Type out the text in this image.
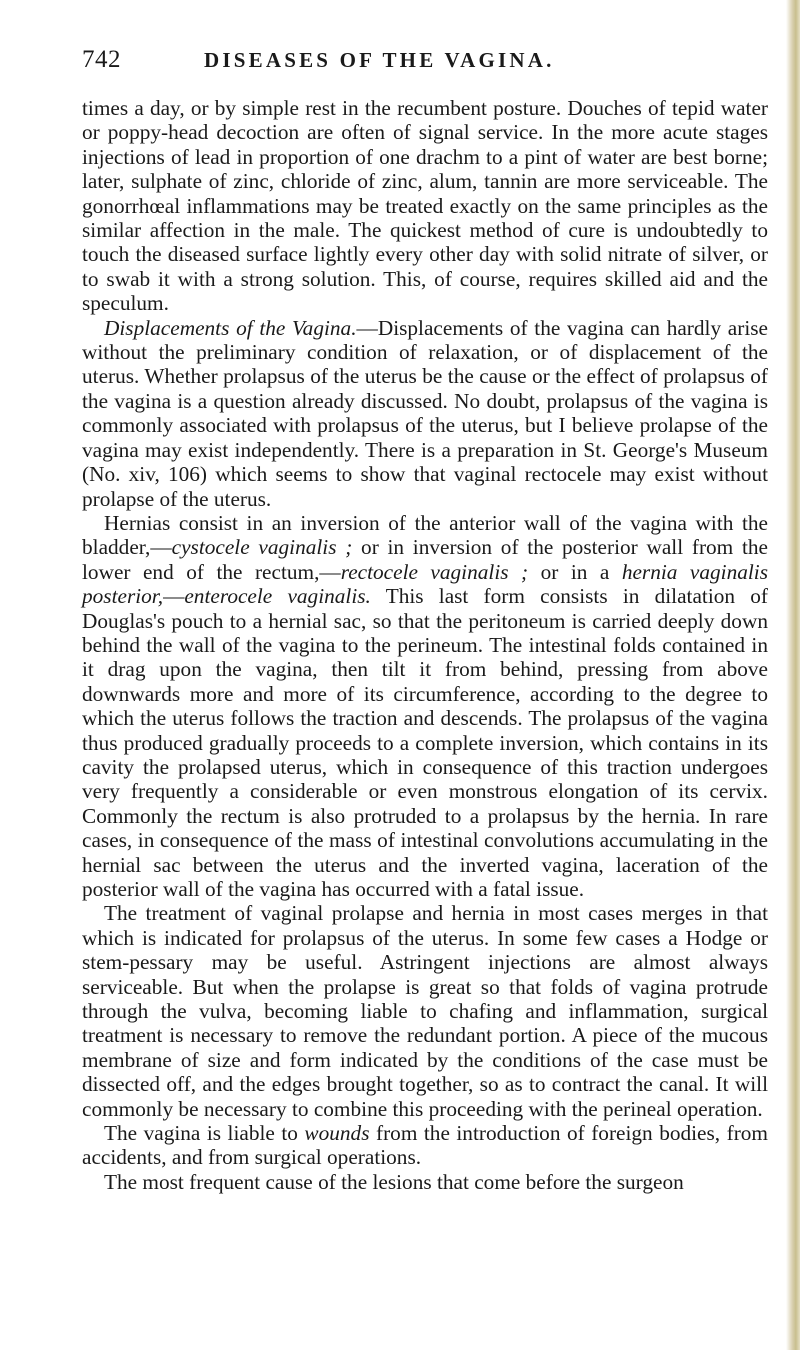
742	DISEASES OF THE VAGINA.

times a day, or by simple rest in the recumbent posture. Douches of tepid water or poppy-head decoction are often of signal service. In the more acute stages injections of lead in proportion of one drachm to a pint of water are best borne; later, sulphate of zinc, chloride of zinc, alum, tannin are more serviceable. The gonorrhœal inflammations may be treated exactly on the same principles as the similar affection in the male. The quickest method of cure is undoubtedly to touch the diseased surface lightly every other day with solid nitrate of silver, or to swab it with a strong solution. This, of course, requires skilled aid and the speculum.

Displacements of the Vagina.—Displacements of the vagina can hardly arise without the preliminary condition of relaxation, or of displacement of the uterus. Whether prolapsus of the uterus be the cause or the effect of prolapsus of the vagina is a question already discussed. No doubt, prolapsus of the vagina is commonly associated with prolapsus of the uterus, but I believe prolapse of the vagina may exist independently. There is a preparation in St. George's Museum (No. xiv, 106) which seems to show that vaginal rectocele may exist without prolapse of the uterus.

Hernias consist in an inversion of the anterior wall of the vagina with the bladder,—cystocele vaginalis ; or in inversion of the posterior wall from the lower end of the rectum,—rectocele vaginalis ; or in a hernia vaginalis posterior,—enterocele vaginalis. This last form consists in dilatation of Douglas's pouch to a hernial sac, so that the peritoneum is carried deeply down behind the wall of the vagina to the perineum. The intestinal folds contained in it drag upon the vagina, then tilt it from behind, pressing from above downwards more and more of its circumference, according to the degree to which the uterus follows the traction and descends. The prolapsus of the vagina thus produced gradually proceeds to a complete inversion, which contains in its cavity the prolapsed uterus, which in consequence of this traction undergoes very frequently a considerable or even monstrous elongation of its cervix. Commonly the rectum is also protruded to a prolapsus by the hernia. In rare cases, in consequence of the mass of intestinal convolutions accumulating in the hernial sac between the uterus and the inverted vagina, laceration of the posterior wall of the vagina has occurred with a fatal issue.

The treatment of vaginal prolapse and hernia in most cases merges in that which is indicated for prolapsus of the uterus. In some few cases a Hodge or stem-pessary may be useful. Astringent injections are almost always serviceable. But when the prolapse is great so that folds of vagina protrude through the vulva, becoming liable to chafing and inflammation, surgical treatment is necessary to remove the redundant portion. A piece of the mucous membrane of size and form indicated by the conditions of the case must be dissected off, and the edges brought together, so as to contract the canal. It will commonly be necessary to combine this proceeding with the perineal operation.

The vagina is liable to wounds from the introduction of foreign bodies, from accidents, and from surgical operations.

The most frequent cause of the lesions that come before the surgeon
